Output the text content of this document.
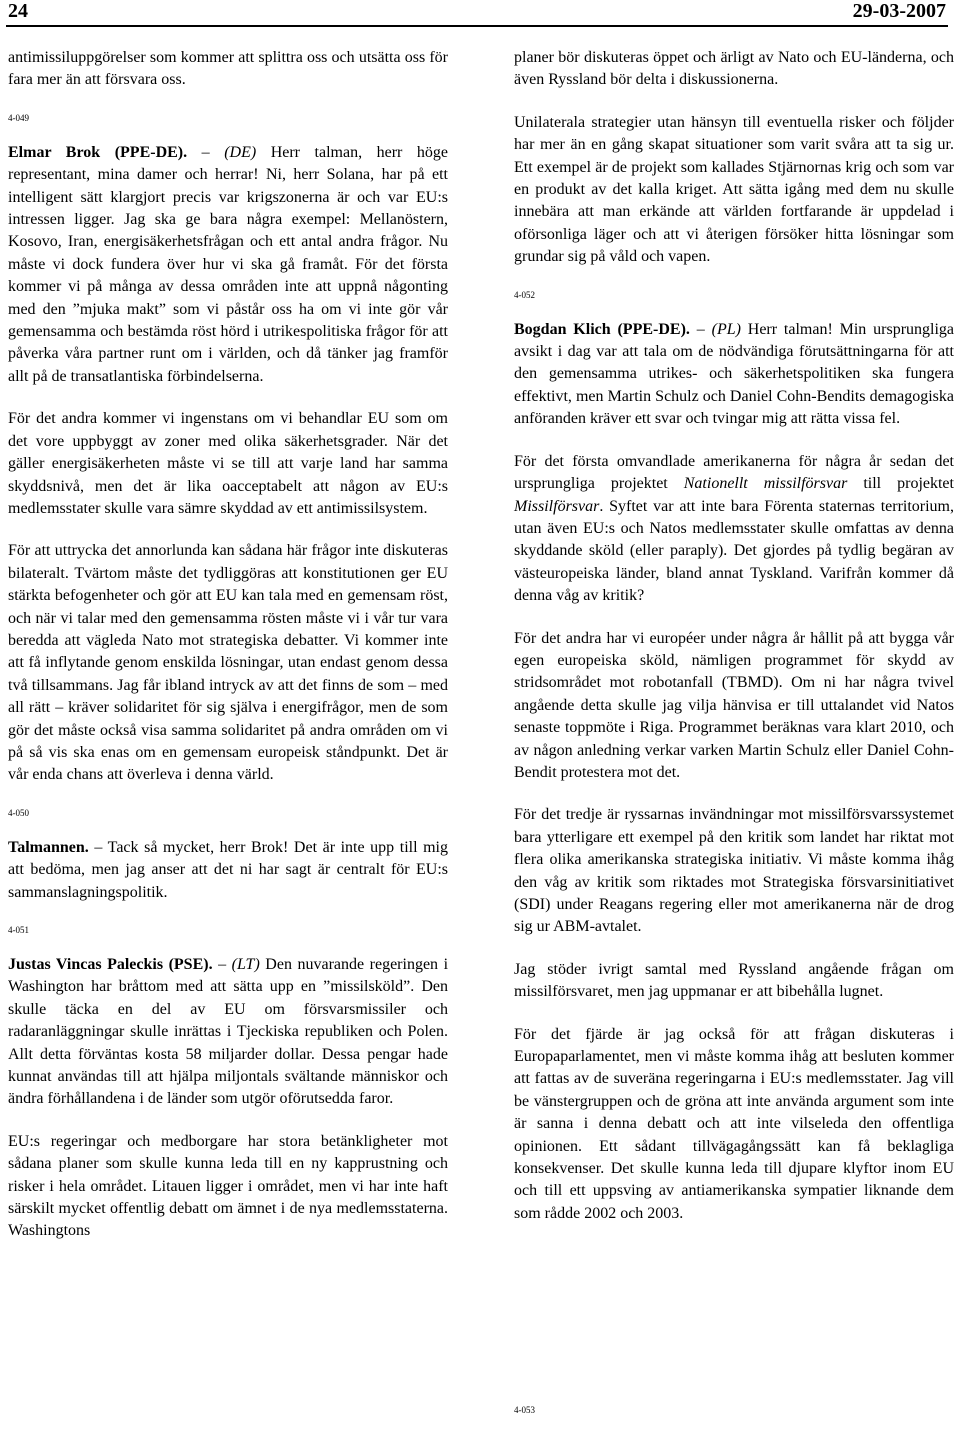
24	29-03-2007

antimissiluppgörelser som kommer att splittra oss och utsätta oss för fara mer än att försvara oss.

4-049

Elmar Brok (PPE-DE). – (DE) Herr talman, herr höge representant, mina damer och herrar! Ni, herr Solana, har på ett intelligent sätt klargjort precis var krigszonerna är och var EU:s intressen ligger. Jag ska ge bara några exempel: Mellanöstern, Kosovo, Iran, energisäkerhetsfrågan och ett antal andra frågor. Nu måste vi dock fundera över hur vi ska gå framåt. För det första kommer vi på många av dessa områden inte att uppnå någonting med den ”mjuka makt” som vi påstår oss ha om vi inte gör vår gemensamma och bestämda röst hörd i utrikespolitiska frågor för att påverka våra partner runt om i världen, och då tänker jag framför allt på de transatlantiska förbindelserna.

För det andra kommer vi ingenstans om vi behandlar EU som om det vore uppbyggt av zoner med olika säkerhetsgrader. När det gäller energisäkerheten måste vi se till att varje land har samma skyddsnivå, men det är lika oacceptabelt att någon av EU:s medlemsstater skulle vara sämre skyddad av ett antimissilsystem.

För att uttrycka det annorlunda kan sådana här frågor inte diskuteras bilateralt. Tvärtom måste det tydliggöras att konstitutionen ger EU stärkta befogenheter och gör att EU kan tala med en gemensam röst, och när vi talar med den gemensamma rösten måste vi i vår tur vara beredda att vägleda Nato mot strategiska debatter. Vi kommer inte att få inflytande genom enskilda lösningar, utan endast genom dessa två tillsammans. Jag får ibland intryck av att det finns de som – med all rätt – kräver solidaritet för sig själva i energifrågor, men de som gör det måste också visa samma solidaritet på andra områden om vi på så vis ska enas om en gemensam europeisk ståndpunkt. Det är vår enda chans att överleva i denna värld.

4-050

Talmannen. – Tack så mycket, herr Brok! Det är inte upp till mig att bedöma, men jag anser att det ni har sagt är centralt för EU:s sammanslagningspolitik.

4-051

Justas Vincas Paleckis (PSE). – (LT) Den nuvarande regeringen i Washington har bråttom med att sätta upp en ”missilsköld”. Den skulle täcka en del av EU om försvarsmissiler och radaranläggningar skulle inrättas i Tjeckiska republiken och Polen. Allt detta förväntas kosta 58 miljarder dollar. Dessa pengar hade kunnat användas till att hjälpa miljontals svältande människor och ändra förhållandena i de länder som utgör oförutsedda faror.

EU:s regeringar och medborgare har stora betänkligheter mot sådana planer som skulle kunna leda till en ny kapprustning och risker i hela området. Litauen ligger i området, men vi har inte haft särskilt mycket offentlig debatt om ämnet i de nya medlemsstaterna. Washingtons

planer bör diskuteras öppet och ärligt av Nato och EU-länderna, och även Ryssland bör delta i diskussionerna.

Unilaterala strategier utan hänsyn till eventuella risker och följder har mer än en gång skapat situationer som varit svåra att ta sig ur. Ett exempel är de projekt som kallades Stjärnornas krig och som var en produkt av det kalla kriget. Att sätta igång med dem nu skulle innebära att man erkände att världen fortfarande är uppdelad i oförsonliga läger och att vi återigen försöker hitta lösningar som grundar sig på våld och vapen.

4-052

Bogdan Klich (PPE-DE). – (PL) Herr talman! Min ursprungliga avsikt i dag var att tala om de nödvändiga förutsättningarna för att den gemensamma utrikes- och säkerhetspolitiken ska fungera effektivt, men Martin Schulz och Daniel Cohn-Bendits demagogiska anföranden kräver ett svar och tvingar mig att rätta vissa fel.

För det första omvandlade amerikanerna för några år sedan det ursprungliga projektet Nationellt missilförsvar till projektet Missilförsvar. Syftet var att inte bara Förenta staternas territorium, utan även EU:s och Natos medlemsstater skulle omfattas av denna skyddande sköld (eller paraply). Det gjordes på tydlig begäran av västeuropeiska länder, bland annat Tyskland. Varifrån kommer då denna våg av kritik?

För det andra har vi européer under några år hållit på att bygga vår egen europeiska sköld, nämligen programmet för skydd av stridsområdet mot robotanfall (TBMD). Om ni har några tvivel angående detta skulle jag vilja hänvisa er till uttalandet vid Natos senaste toppmöte i Riga. Programmet beräknas vara klart 2010, och av någon anledning verkar varken Martin Schulz eller Daniel Cohn-Bendit protestera mot det.

För det tredje är ryssarnas invändningar mot missilförsvarssystemet bara ytterligare ett exempel på den kritik som landet har riktat mot flera olika amerikanska strategiska initiativ. Vi måste komma ihåg den våg av kritik som riktades mot Strategiska försvarsinitiativet (SDI) under Reagans regering eller mot amerikanerna när de drog sig ur ABM-avtalet.

Jag stöder ivrigt samtal med Ryssland angående frågan om missilförsvaret, men jag uppmanar er att bibehålla lugnet.

För det fjärde är jag också för att frågan diskuteras i Europaparlamentet, men vi måste komma ihåg att besluten kommer att fattas av de suveräna regeringarna i EU:s medlemsstater. Jag vill be vänstergruppen och de gröna att inte använda argument som inte är sanna i denna debatt och att inte vilseleda den offentliga opinionen. Ett sådant tillvägagångssätt kan få beklagliga konsekvenser. Det skulle kunna leda till djupare klyftor inom EU och till ett uppsving av antiamerikanska sympatier liknande dem som rådde 2002 och 2003.

4-053
